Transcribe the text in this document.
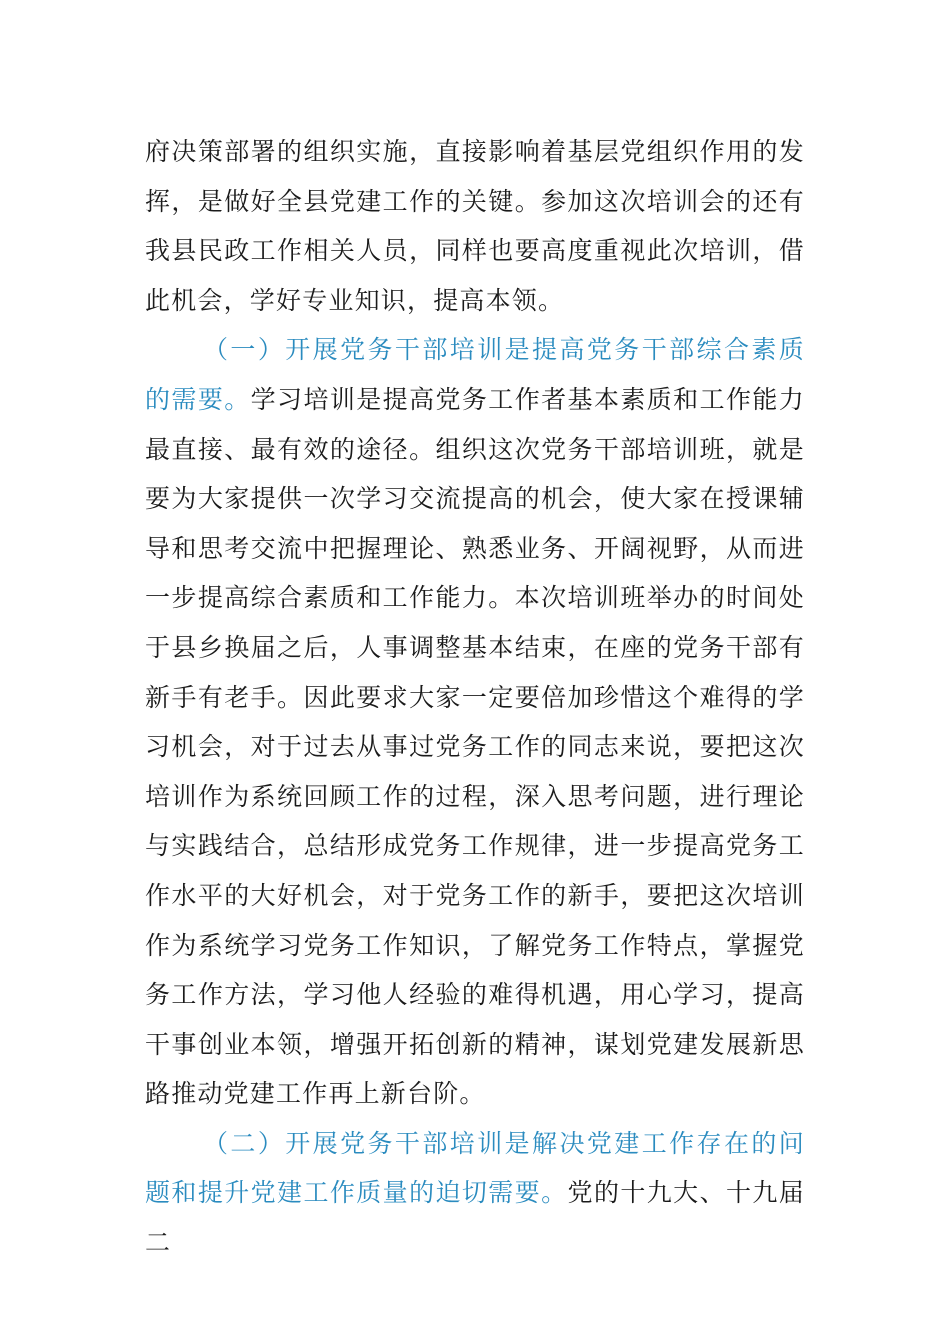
府决策部署的组织实施，直接影响着基层党组织作用的发挥，是做好全县党建工作的关键。参加这次培训会的还有我县民政工作相关人员，同样也要高度重视此次培训，借此机会，学好专业知识，提高本领。

（一）开展党务干部培训是提高党务干部综合素质的需要。学习培训是提高党务工作者基本素质和工作能力最直接、最有效的途径。组织这次党务干部培训班，就是要为大家提供一次学习交流提高的机会，使大家在授课辅导和思考交流中把握理论、熟悉业务、开阔视野，从而进一步提高综合素质和工作能力。本次培训班举办的时间处于县乡换届之后，人事调整基本结束，在座的党务干部有新手有老手。因此要求大家一定要倍加珍惜这个难得的学习机会，对于过去从事过党务工作的同志来说，要把这次培训作为系统回顾工作的过程，深入思考问题，进行理论与实践结合，总结形成党务工作规律，进一步提高党务工作水平的大好机会，对于党务工作的新手，要把这次培训作为系统学习党务工作知识，了解党务工作特点，掌握党务工作方法，学习他人经验的难得机遇，用心学习，提高干事创业本领，增强开拓创新的精神，谋划党建发展新思路推动党建工作再上新台阶。

（二）开展党务干部培训是解决党建工作存在的问题和提升党建工作质量的迫切需要。党的十九大、十九届二
